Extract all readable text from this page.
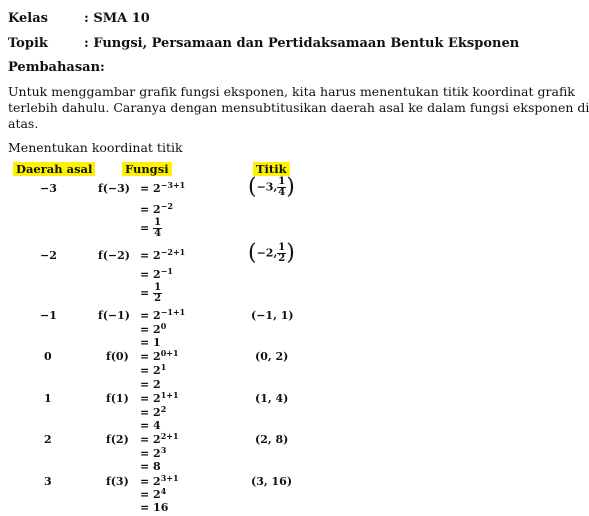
Kelas	: SMA 10
Topik	: Fungsi, Persamaan dan Pertidaksamaan Bentuk Eksponen
Pembahasan:
Untuk menggambar grafik fungsi eksponen, kita harus menentukan titik koordinat grafik
terlebih dahulu. Caranya dengan mensubtitusikan daerah asal ke dalam fungsi eksponen di
atas.
Menentukan koordinat titik
Daerah asal	Fungsi	Titik
−3	$f(-3) = 2^{-3+1}$
= $2^{-2}$
= $\frac{1}{4}$
(−3, $\frac{1}{4}$ )
−2	$f(-2) = 2^{-2+1}$
= $2^{-1}$
= $\frac{1}{2}$
(−2, $\frac{1}{2}$ )
−1	$f(-1) = 2^{-1+1}$
= $2^0$
= 1
(−1, 1)
0	$f(0) = 2^{0+1}$
= $2^1$
= 2
(0, 2)
1	$f(1) = 2^{1+1}$
= $2^2$
= 4
(1, 4)
2	$f(2) = 2^{2+1}$
= $2^3$
= 8
(2, 8)
3	$f(3) = 2^{3+1}$
= $2^4$
= 16
(3, 16)
